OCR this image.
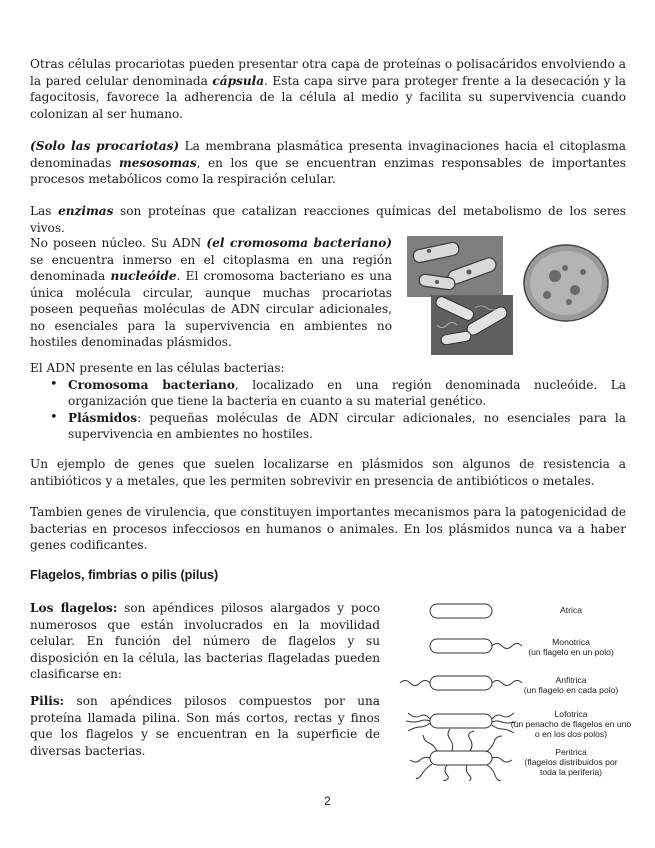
Otras células procariotas pueden presentar otra capa de proteínas o polisacáridos envolviendo a la pared celular denominada cápsula. Esta capa sirve para proteger frente a la desecación y la fagocitosis, favorece la adherencia de la célula al medio y facilita su supervivencia cuando colonizan al ser humano.

(Solo las procariotas) La membrana plasmática presenta invaginaciones hacia el citoplasma denominadas mesosomas, en los que se encuentran enzimas responsables de importantes procesos metabólicos como la respiración celular.

Las enzimas son proteínas que catalizan reacciones químicas del metabolismo de los seres vivos.

No poseen núcleo. Su ADN (el cromosoma bacteriano) se encuentra inmerso en el citoplasma en una región denominada nucleóide. El cromosoma bacteriano es una única molécula circular, aunque muchas procariotas poseen pequeñas moléculas de ADN circular adicionales, no esenciales para la supervivencia en ambientes no hostiles denominadas plásmidos.

El ADN presente en las células bacterias:

• Cromosoma bacteriano, localizado en una región denominada nucleóide. La organización que tiene la bacteria en cuanto a su material genético.
• Plásmidos: pequeñas moléculas de ADN circular adicionales, no esenciales para la supervivencia en ambientes no hostiles.

Un ejemplo de genes que suelen localizarse en plásmidos son algunos de resistencia a antibióticos y a metales, que les permiten sobrevivir en presencia de antibióticos o metales.

Tambien genes de virulencia, que constituyen importantes mecanismos para la patogenicidad de bacterias en procesos infecciosos en humanos o animales. En los plásmidos nunca va a haber genes codificantes.

Flagelos, fimbrias o pilis (pilus)

Los flagelos: son apéndices pilosos alargados y poco numerosos que están involucrados en la movilidad celular. En función del número de flagelos y su disposición en la célula, las bacterias flageladas pueden clasificarse en:

Pilis: son apéndices pilosos compuestos por una proteína llamada pilina. Son más cortos, rectas y finos que los flagelos y se encuentran en la superficie de diversas bacterias.

Atrica
Monotrica
(un flagelo en un polo)
Anfitrica
(un flagelo en cada polo)
Lofotrica
(un penacho de flagelos en uno o en los dos polos)
Peritrica
(flagelos distribuidos por toda la periferia)
2
